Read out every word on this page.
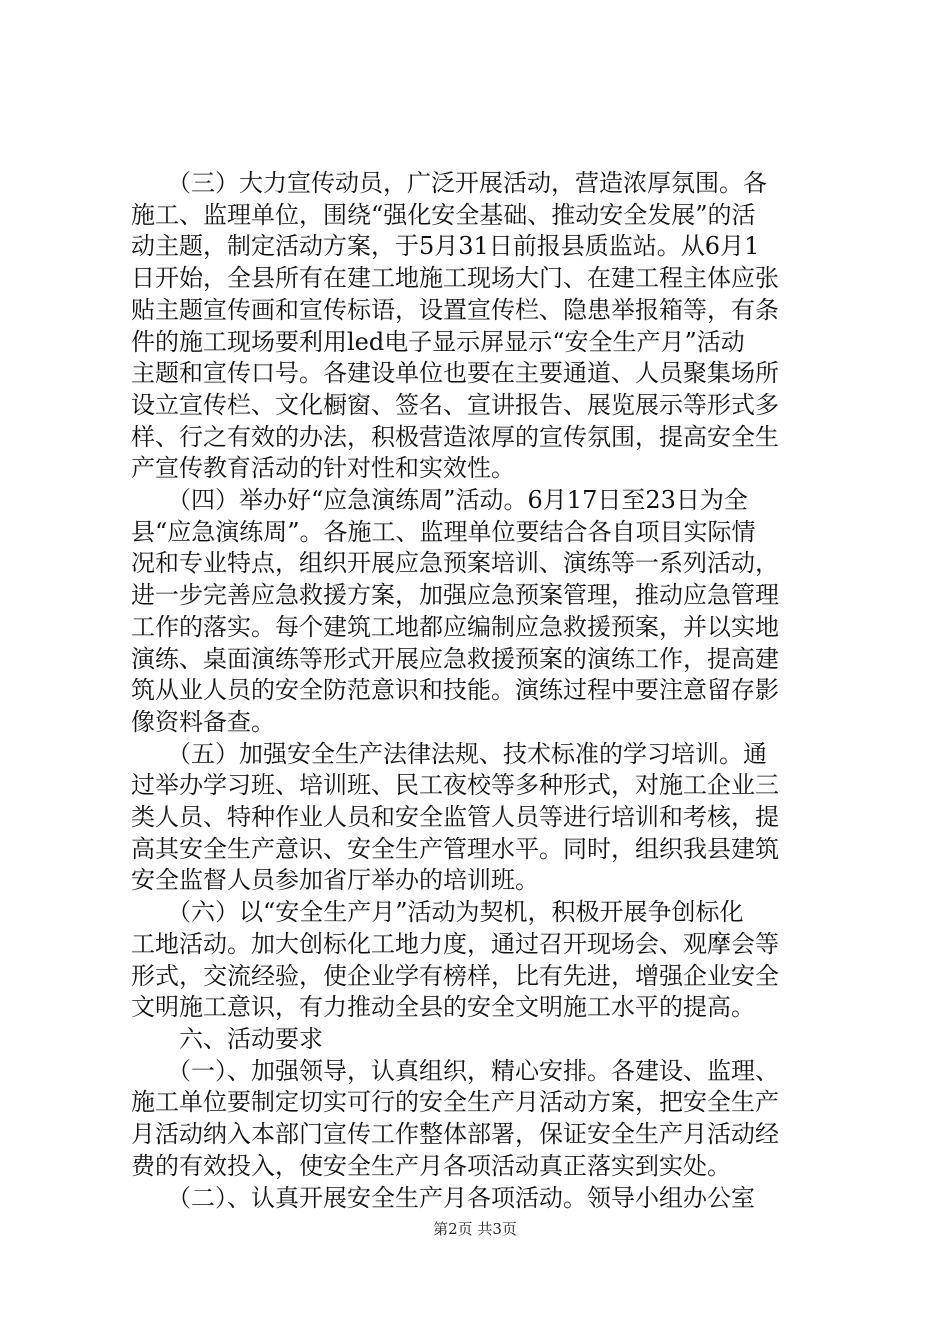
　　（三）大力宣传动员，广泛开展活动，营造浓厚氛围。各
施工、监理单位，围绕“强化安全基础、推动安全发展”的活
动主题，制定活动方案，于5月31日前报县质监站。从6月1
日开始，全县所有在建工地施工现场大门、在建工程主体应张
贴主题宣传画和宣传标语，设置宣传栏、隐患举报箱等，有条
件的施工现场要利用led电子显示屏显示“安全生产月”活动
主题和宣传口号。各建设单位也要在主要通道、人员聚集场所
设立宣传栏、文化橱窗、签名、宣讲报告、展览展示等形式多
样、行之有效的办法，积极营造浓厚的宣传氛围，提高安全生
产宣传教育活动的针对性和实效性。
　　（四）举办好“应急演练周”活动。6月17日至23日为全
县“应急演练周”。各施工、监理单位要结合各自项目实际情
况和专业特点，组织开展应急预案培训、演练等一系列活动，
进一步完善应急救援方案，加强应急预案管理，推动应急管理
工作的落实。每个建筑工地都应编制应急救援预案，并以实地
演练、桌面演练等形式开展应急救援预案的演练工作，提高建
筑从业人员的安全防范意识和技能。演练过程中要注意留存影
像资料备查。
　　（五）加强安全生产法律法规、技术标准的学习培训。通
过举办学习班、培训班、民工夜校等多种形式，对施工企业三
类人员、特种作业人员和安全监管人员等进行培训和考核，提
高其安全生产意识、安全生产管理水平。同时，组织我县建筑
安全监督人员参加省厅举办的培训班。
　　（六）以“安全生产月”活动为契机，积极开展争创标化
工地活动。加大创标化工地力度，通过召开现场会、观摩会等
形式，交流经验，使企业学有榜样，比有先进，增强企业安全
文明施工意识，有力推动全县的安全文明施工水平的提高。
　　六、活动要求
　　（一）、加强领导，认真组织，精心安排。各建设、监理、
施工单位要制定切实可行的安全生产月活动方案，把安全生产
月活动纳入本部门宣传工作整体部署，保证安全生产月活动经
费的有效投入，使安全生产月各项活动真正落实到实处。
　　（二）、认真开展安全生产月各项活动。领导小组办公室
第2页 共3页
